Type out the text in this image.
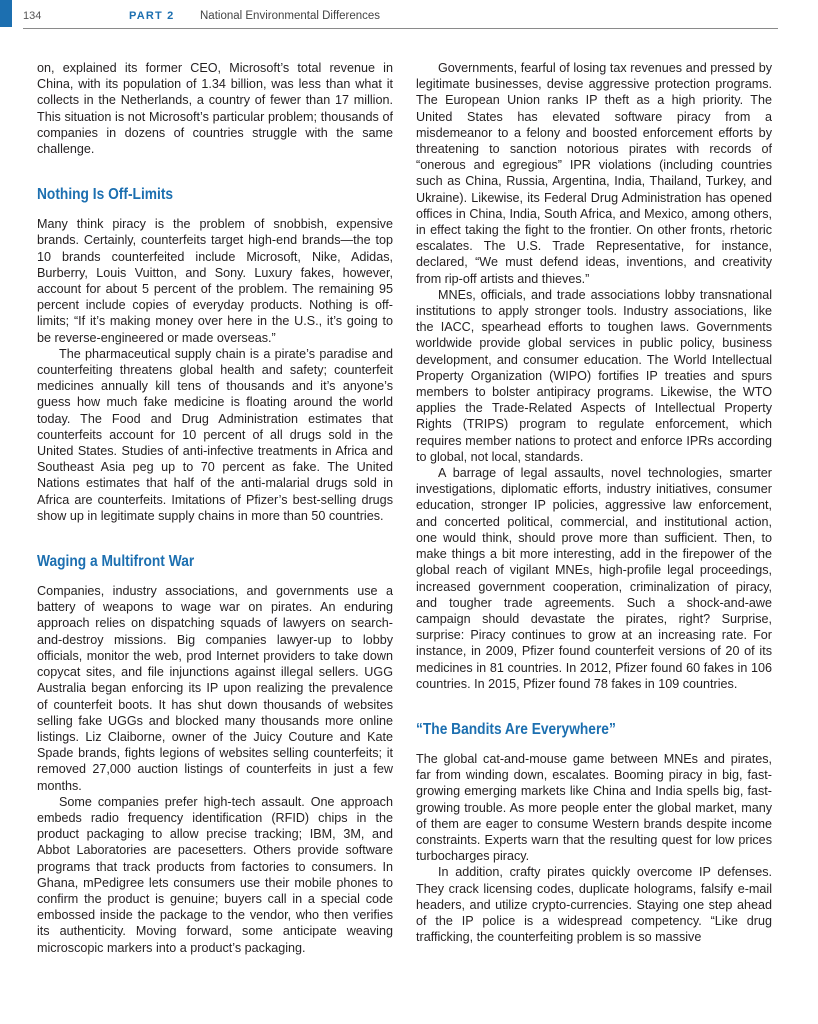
134	PART 2 National Environmental Differences

on, explained its former CEO, Microsoft’s total revenue in China, with its population of 1.34 billion, was less than what it collects in the Netherlands, a country of fewer than 17 million. This situation is not Microsoft’s particular problem; thousands of companies in dozens of countries struggle with the same challenge.

Nothing Is Off-Limits

Many think piracy is the problem of snobbish, expensive brands. Certainly, counterfeits target high-end brands—the top 10 brands counterfeited include Microsoft, Nike, Adidas, Burberry, Louis Vuitton, and Sony. Luxury fakes, however, account for about 5 percent of the problem. The remaining 95 percent include copies of everyday products. Nothing is off-limits; “If it’s making money over here in the U.S., it’s going to be reverse-engineered or made overseas.”

The pharmaceutical supply chain is a pirate’s paradise and counterfeiting threatens global health and safety; counterfeit medicines annually kill tens of thousands and it’s anyone’s guess how much fake medicine is floating around the world today. The Food and Drug Administration estimates that counterfeits account for 10 percent of all drugs sold in the United States. Studies of anti-infective treatments in Africa and Southeast Asia peg up to 70 percent as fake. The United Nations estimates that half of the anti-malarial drugs sold in Africa are counterfeits. Imitations of Pfizer’s best-selling drugs show up in legitimate supply chains in more than 50 countries.

Waging a Multifront War

Companies, industry associations, and governments use a battery of weapons to wage war on pirates. An enduring approach relies on dispatching squads of lawyers on search-and-destroy missions. Big companies lawyer-up to lobby officials, monitor the web, prod Internet providers to take down copycat sites, and file injunctions against illegal sellers. UGG Australia began enforcing its IP upon realizing the prevalence of counterfeit boots. It has shut down thousands of websites selling fake UGGs and blocked many thousands more online listings. Liz Claiborne, owner of the Juicy Couture and Kate Spade brands, fights legions of websites selling counterfeits; it removed 27,000 auction listings of counterfeits in just a few months.

Some companies prefer high-tech assault. One approach embeds radio frequency identification (RFID) chips in the product packaging to allow precise tracking; IBM, 3M, and Abbot Laboratories are pacesetters. Others provide software programs that track products from factories to consumers. In Ghana, mPedigree lets consumers use their mobile phones to confirm the product is genuine; buyers call in a special code embossed inside the package to the vendor, who then verifies its authenticity. Moving forward, some anticipate weaving microscopic markers into a product’s packaging.

Governments, fearful of losing tax revenues and pressed by legitimate businesses, devise aggressive protection programs. The European Union ranks IP theft as a high priority. The United States has elevated software piracy from a misdemeanor to a felony and boosted enforcement efforts by threatening to sanction notorious pirates with records of “onerous and egregious” IPR violations (including countries such as China, Russia, Argentina, India, Thailand, Turkey, and Ukraine). Likewise, its Federal Drug Administration has opened offices in China, India, South Africa, and Mexico, among others, in effect taking the fight to the frontier. On other fronts, rhetoric escalates. The U.S. Trade Representative, for instance, declared, “We must defend ideas, inventions, and creativity from rip-off artists and thieves.”

MNEs, officials, and trade associations lobby transnational institutions to apply stronger tools. Industry associations, like the IACC, spearhead efforts to toughen laws. Governments worldwide provide global services in public policy, business development, and consumer education. The World Intellectual Property Organization (WIPO) fortifies IP treaties and spurs members to bolster antipiracy programs. Likewise, the WTO applies the Trade-Related Aspects of Intellectual Property Rights (TRIPS) program to regulate enforcement, which requires member nations to protect and enforce IPRs according to global, not local, standards.

A barrage of legal assaults, novel technologies, smarter investigations, diplomatic efforts, industry initiatives, consumer education, stronger IP policies, aggressive law enforcement, and concerted political, commercial, and institutional action, one would think, should prove more than sufficient. Then, to make things a bit more interesting, add in the firepower of the global reach of vigilant MNEs, high-profile legal proceedings, increased government cooperation, criminalization of piracy, and tougher trade agreements. Such a shock-and-awe campaign should devastate the pirates, right? Surprise, surprise: Piracy continues to grow at an increasing rate. For instance, in 2009, Pfizer found counterfeit versions of 20 of its medicines in 81 countries. In 2012, Pfizer found 60 fakes in 106 countries. In 2015, Pfizer found 78 fakes in 109 countries.

“The Bandits Are Everywhere”

The global cat-and-mouse game between MNEs and pirates, far from winding down, escalates. Booming piracy in big, fast-growing emerging markets like China and India spells big, fast-growing trouble. As more people enter the global market, many of them are eager to consume Western brands despite income constraints. Experts warn that the resulting quest for low prices turbocharges piracy.

In addition, crafty pirates quickly overcome IP defenses. They crack licensing codes, duplicate holograms, falsify e-mail headers, and utilize crypto-currencies. Staying one step ahead of the IP police is a widespread competency. “Like drug trafficking, the counterfeiting problem is so massive
